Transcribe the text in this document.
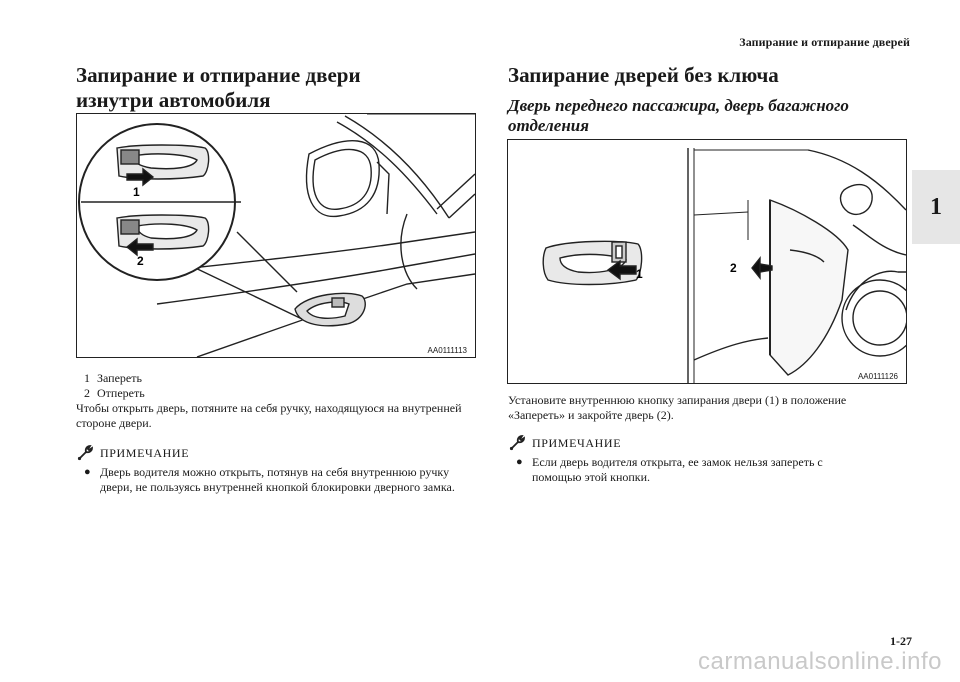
Запирание и отпирание дверей
1
Запирание и отпирание двери изнутри автомобиля
1
2
AA0111113
1 Запереть
2 Отпереть
Чтобы открыть дверь, потяните на себя ручку, находящуюся на внутренней стороне двери.
ПРИМЕЧАНИЕ
● Дверь водителя можно открыть, потянув на себя внутреннюю ручку двери, не пользуясь внутренней кнопкой блокировки дверного замка.
Запирание дверей без ключа
Дверь переднего пассажира, дверь багажного отделения
1	2
AA0111126
Установите внутреннюю кнопку запирания двери (1) в положение «Запереть» и закройте дверь (2).
ПРИМЕЧАНИЕ
● Если дверь водителя открыта, ее замок нельзя запереть с помощью этой кнопки.
1-27
carmanualsonline.info
